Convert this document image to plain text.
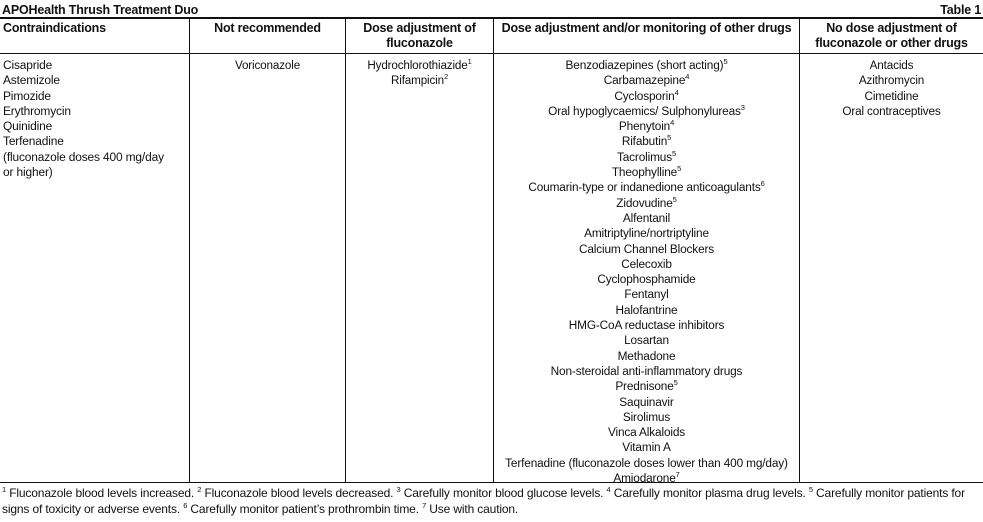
APOHealth Thrush Treatment Duo	Table 1
Contraindications
Cisapride
Astemizole
Pimozide
Erythromycin
Quinidine
Terfenadine
(fluconazole doses 400 mg/day
or higher)
Not recommended
Voriconazole
Dose adjustment of fluconazole
Hydrochlorothiazide$^1$
Rifampicin$^2$
Dose adjustment and/or monitoring of other drugs
Benzodiazepines (short acting)$^5$
Carbamazepine$^4$
Cyclosporin$^4$
Oral hypoglycaemics/ Sulphonylureas$^3$
Phenytoin$^4$
Rifabutin$^5$
Tacrolimus$^5$
Theophylline$^5$
Coumarin-type or indanedione anticoagulants$^6$
Zidovudine$^5$
Alfentanil
Amitriptyline/nortriptyline
Calcium Channel Blockers
Celecoxib
Cyclophosphamide
Fentanyl
Halofantrine
HMG-CoA reductase inhibitors
Losartan
Methadone
Non-steroidal anti-inflammatory drugs
Prednisone$^5$
Saquinavir
Sirolimus
Vinca Alkaloids
Vitamin A
Terfenadine (fluconazole doses lower than 400 mg/day)
Amiodarone$^7$
No dose adjustment of fluconazole or other drugs
Antacids
Azithromycin
Cimetidine
Oral contraceptives
$^1$ Fluconazole blood levels increased. $^2$ Fluconazole blood levels decreased. $^3$ Carefully monitor blood glucose levels. $^4$ Carefully monitor plasma drug levels. $^5$ Carefully monitor patients for signs of toxicity or adverse events. $^6$ Carefully monitor patient’s prothrombin time. $^7$ Use with caution.
